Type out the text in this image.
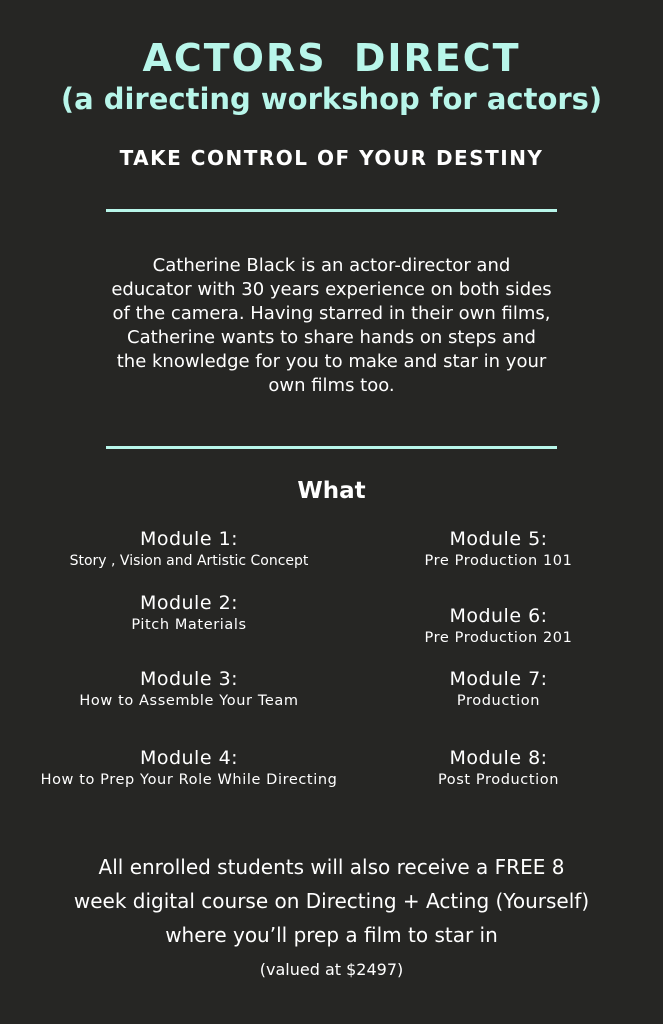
ACTORS DIRECT
(a directing workshop for actors)
TAKE CONTROL OF YOUR DESTINY
Catherine Black is an actor-director and educator with 30 years experience on both sides of the camera. Having starred in their own films, Catherine wants to share hands on steps and the knowledge for you to make and star in your own films too.
What
Module 1:
Story , Vision and Artistic Concept
Module 2:
Pitch Materials
Module 3:
How to Assemble Your Team
Module 4:
How to Prep Your Role While Directing
Module 5:
Pre Production 101
Module 6:
Pre Production 201
Module 7:
Production
Module 8:
Post Production
All enrolled students will also receive a FREE 8 week digital course on Directing + Acting (Yourself) where you’ll prep a film to star in
(valued at $2497)
